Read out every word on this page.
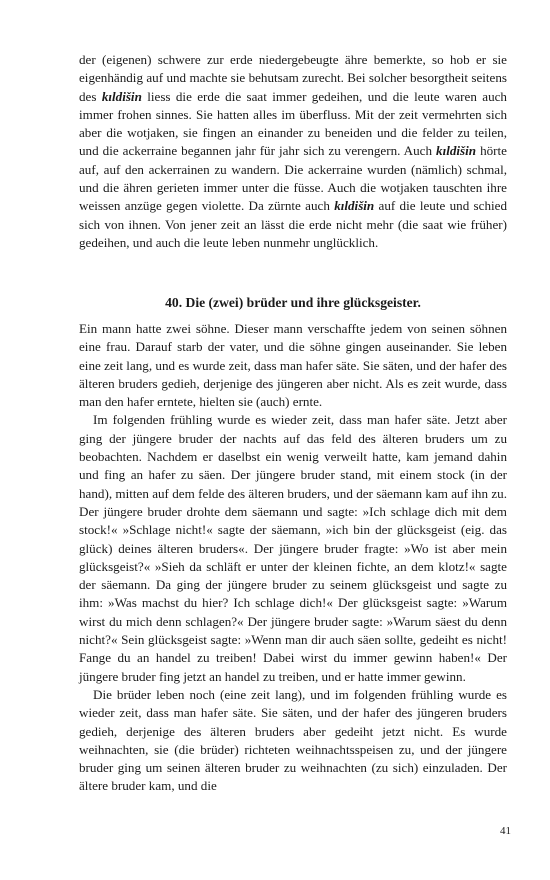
der (eigenen) schwere zur erde niedergebeugte ähre bemerkte, so hob er sie eigenhändig auf und machte sie behutsam zurecht. Bei solcher besorgtheit seitens des kıldišin liess die erde die saat immer gedeihen, und die leute waren auch immer frohen sinnes. Sie hatten alles im überfluss. Mit der zeit vermehrten sich aber die wotjaken, sie fingen an einander zu beneiden und die felder zu teilen, und die ackerraine begannen jahr für jahr sich zu verengern. Auch kıldišin hörte auf, auf den ackerrainen zu wandern. Die ackerraine wurden (nämlich) schmal, und die ähren gerieten immer unter die füsse. Auch die wotjaken tauschten ihre weissen anzüge gegen violette. Da zürnte auch kıldišin auf die leute und schied sich von ihnen. Von jener zeit an lässt die erde nicht mehr (die saat wie früher) gedeihen, und auch die leute leben nunmehr unglücklich.

40. Die (zwei) brüder und ihre glücksgeister.

Ein mann hatte zwei söhne. Dieser mann verschaffte jedem von seinen söhnen eine frau. Darauf starb der vater, und die söhne gingen auseinander. Sie leben eine zeit lang, und es wurde zeit, dass man hafer säte. Sie säten, und der hafer des älteren bruders gedieh, derjenige des jüngeren aber nicht. Als es zeit wurde, dass man den hafer erntete, hielten sie (auch) ernte.

Im folgenden frühling wurde es wieder zeit, dass man hafer säte. Jetzt aber ging der jüngere bruder der nachts auf das feld des älteren bruders um zu beobachten. Nachdem er daselbst ein wenig verweilt hatte, kam jemand dahin und fing an hafer zu säen. Der jüngere bruder stand, mit einem stock (in der hand), mitten auf dem felde des älteren bruders, und der säemann kam auf ihn zu. Der jüngere bruder drohte dem säemann und sagte: »Ich schlage dich mit dem stock!« »Schlage nicht!« sagte der säemann, »ich bin der glücksgeist (eig. das glück) deines älteren bruders«. Der jüngere bruder fragte: »Wo ist aber mein glücksgeist?« »Sieh da schläft er unter der kleinen fichte, an dem klotz!« sagte der säemann. Da ging der jüngere bruder zu seinem glücksgeist und sagte zu ihm: »Was machst du hier? Ich schlage dich!« Der glücksgeist sagte: »Warum wirst du mich denn schlagen?« Der jüngere bruder sagte: »Warum säest du denn nicht?« Sein glücksgeist sagte: »Wenn man dir auch säen sollte, gedeiht es nicht! Fange du an handel zu treiben! Dabei wirst du immer gewinn haben!« Der jüngere bruder fing jetzt an handel zu treiben, und er hatte immer gewinn.

Die brüder leben noch (eine zeit lang), und im folgenden frühling wurde es wieder zeit, dass man hafer säte. Sie säten, und der hafer des jüngeren bruders gedieh, derjenige des älteren bruders aber gedeiht jetzt nicht. Es wurde weihnachten, sie (die brüder) richteten weihnachtsspeisen zu, und der jüngere bruder ging um seinen älteren bruder zu weihnachten (zu sich) einzuladen. Der ältere bruder kam, und die

41
